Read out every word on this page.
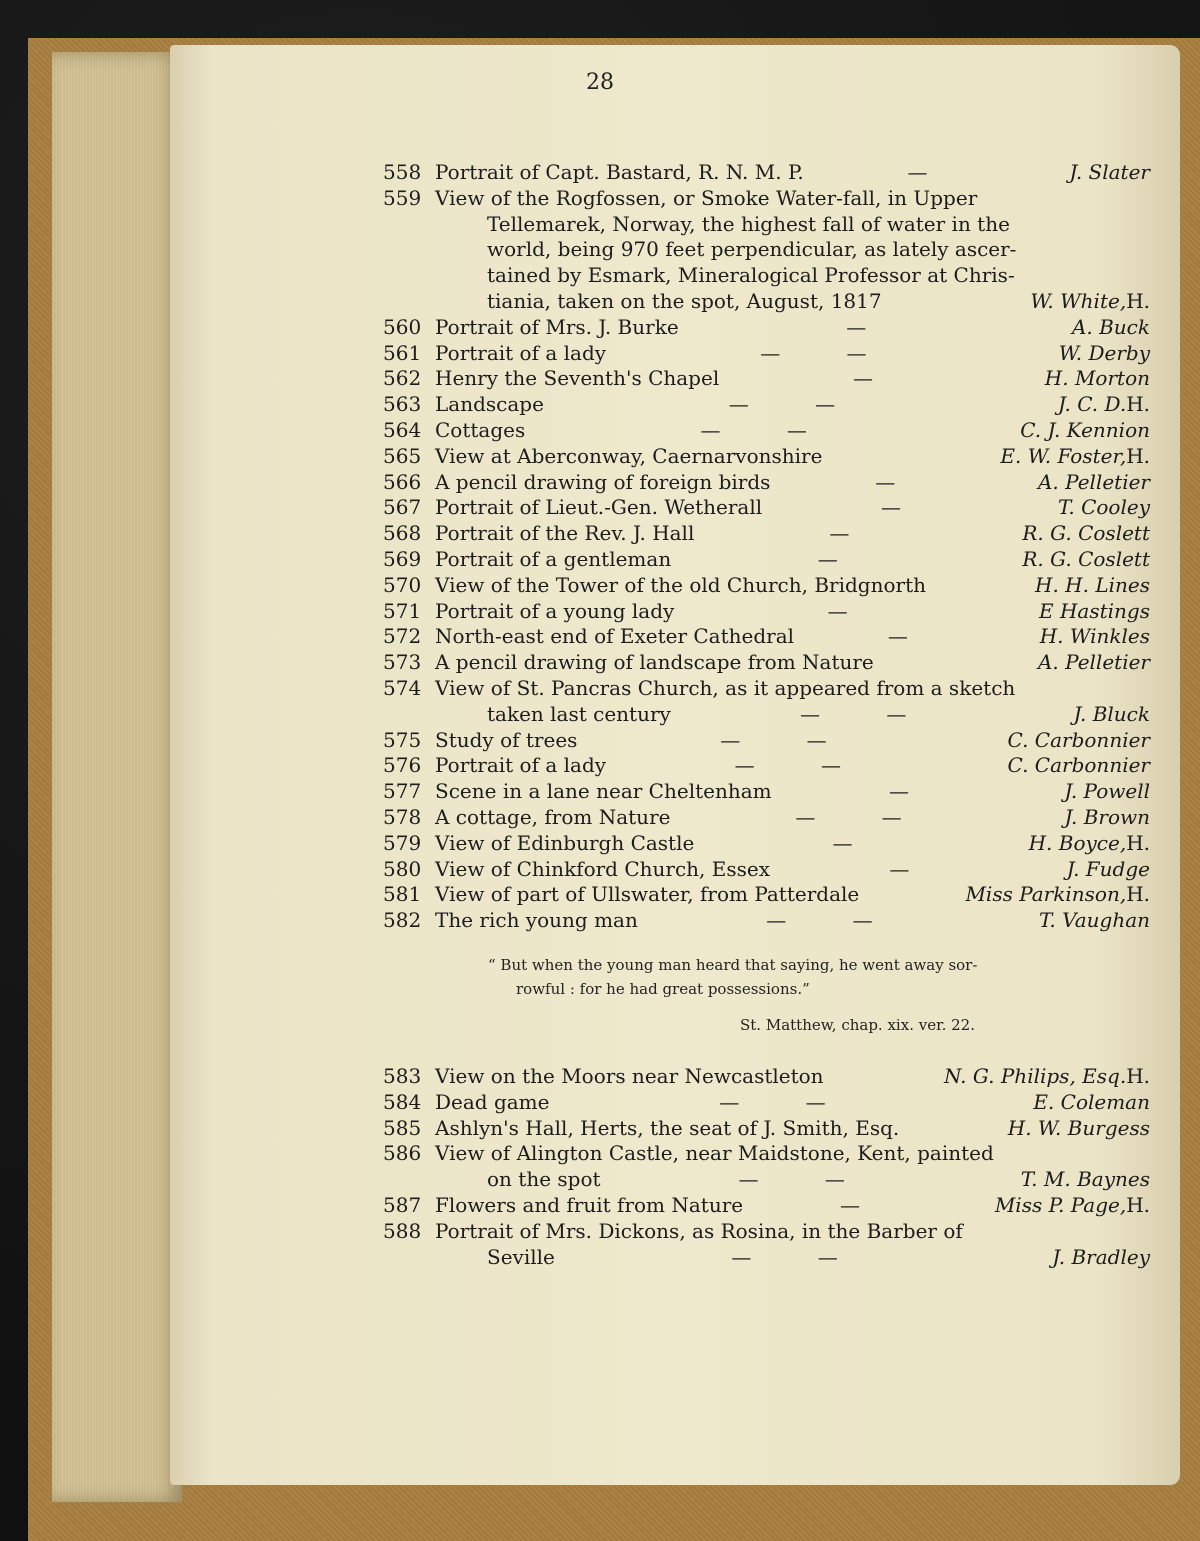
28
558 Portrait of Capt. Bastard, R. N. M. P.	—	J. Slater
559 View of the Rogfossen, or Smoke Water-fall, in Upper
Tellemarek, Norway, the highest fall of water in the
world, being 970 feet perpendicular, as lately ascer-
tained by Esmark, Mineralogical Professor at Chris-
tiania, taken on the spot, August, 1817	W. White, H.
560 Portrait of Mrs. J. Burke	—	A. Buck
561 Portrait of a lady	— —	W. Derby
562 Henry the Seventh's Chapel	—	H. Morton
563 Landscape	— —	J. C. D. H.
564 Cottages	— —	C. J. Kennion
565 View at Aberconway, Caernarvonshire	E. W. Foster, H.
566 A pencil drawing of foreign birds	—	A. Pelletier
567 Portrait of Lieut.-Gen. Wetherall	—	T. Cooley
568 Portrait of the Rev. J. Hall	—	R. G. Coslett
569 Portrait of a gentleman	—	R. G. Coslett
570 View of the Tower of the old Church, Bridgnorth	H. H. Lines
571 Portrait of a young lady	—	E Hastings
572 North-east end of Exeter Cathedral	—	H. Winkles
573 A pencil drawing of landscape from Nature	A. Pelletier
574 View of St. Pancras Church, as it appeared from a sketch
taken last century	— —	J. Bluck
575 Study of trees	— —	C. Carbonnier
576 Portrait of a lady	— —	C. Carbonnier
577 Scene in a lane near Cheltenham	—	J. Powell
578 A cottage, from Nature	— —	J. Brown
579 View of Edinburgh Castle	—	H. Boyce, H.
580 View of Chinkford Church, Essex	—	J. Fudge
581 View of part of Ullswater, from Patterdale	Miss Parkinson, H.
582 The rich young man	— —	T. Vaughan
“ But when the young man heard that saying, he went away sor-
rowful : for he had great possessions.”
St. Matthew, chap. xix. ver. 22.
583 View on the Moors near Newcastleton	N. G. Philips, Esq. H.
584 Dead game	— —	E. Coleman
585 Ashlyn's Hall, Herts, the seat of J. Smith, Esq.	H. W. Burgess
586 View of Alington Castle, near Maidstone, Kent, painted
on the spot	— —	T. M. Baynes
587 Flowers and fruit from Nature	—	Miss P. Page, H.
588 Portrait of Mrs. Dickons, as Rosina, in the Barber of
Seville	— —	J. Bradley
